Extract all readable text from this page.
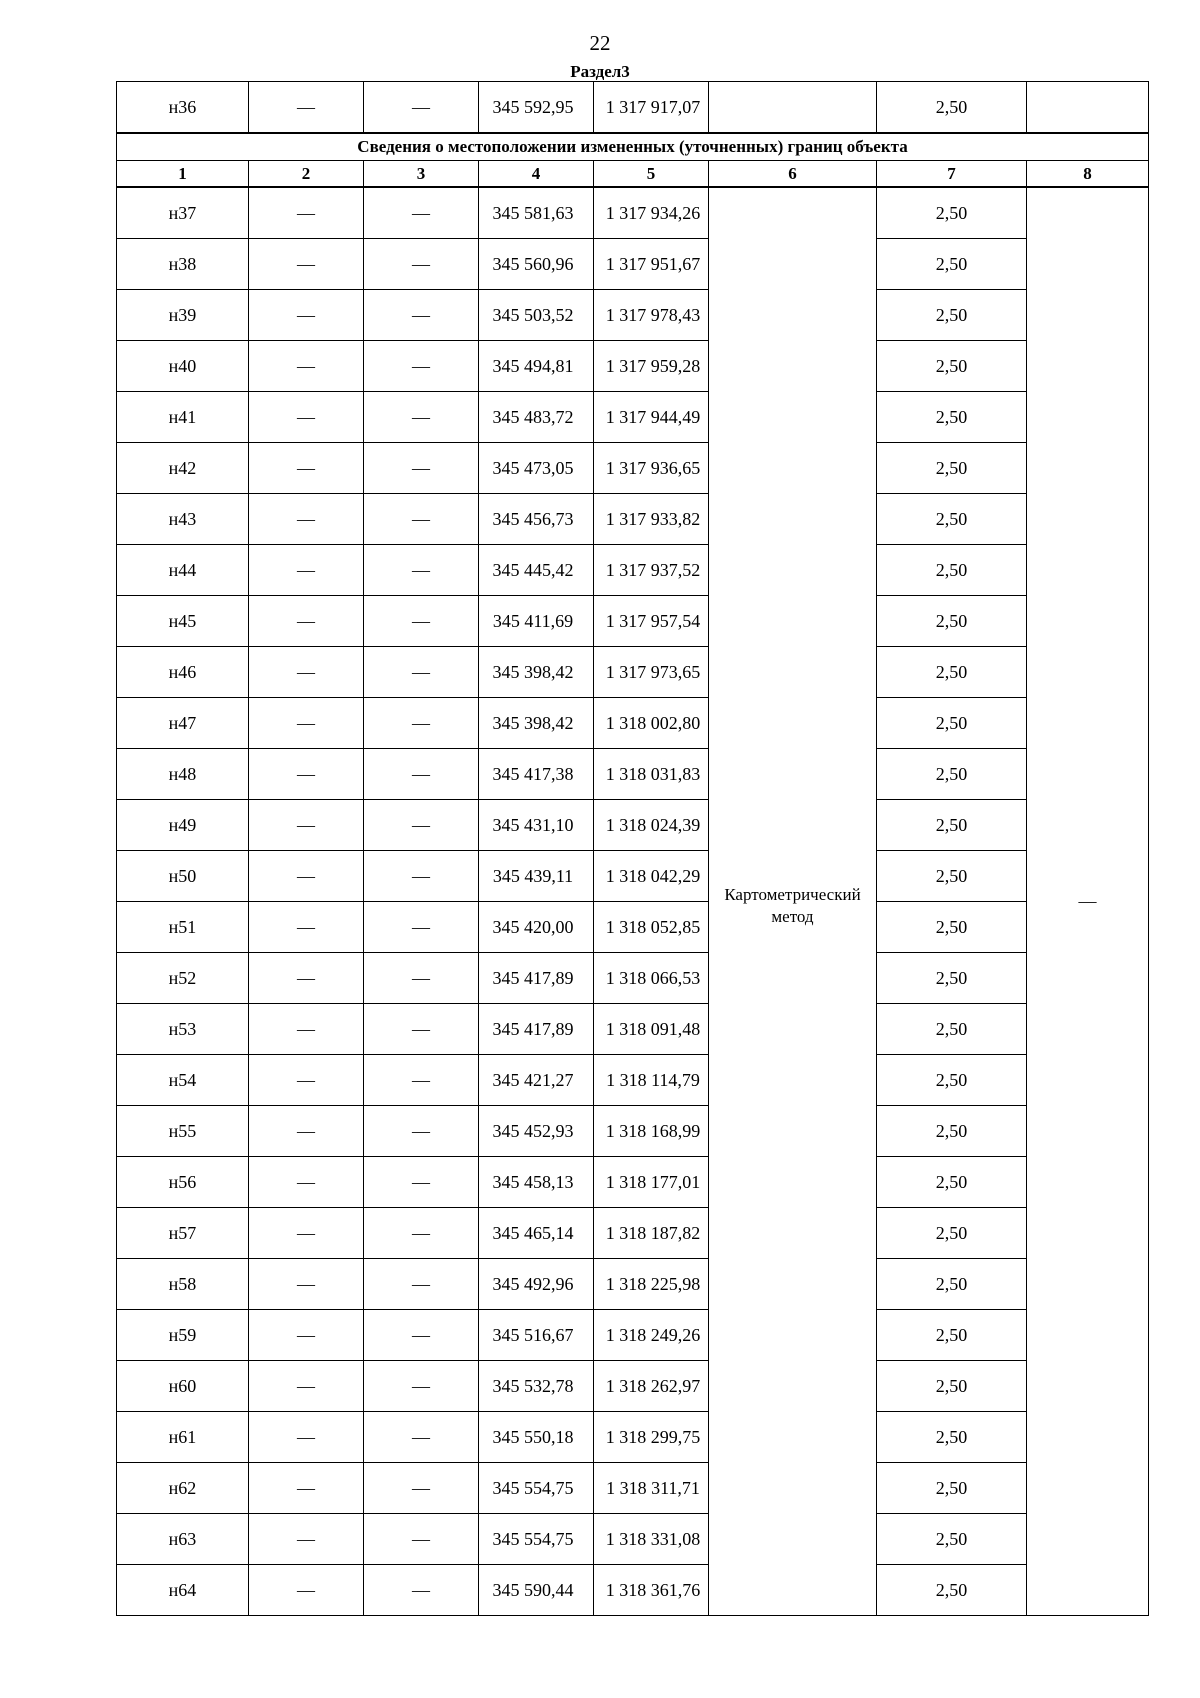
22
Раздел3
н36	—	—	345 592,95	1 317 917,07		2,50	
Сведения о местоположении измененных (уточненных) границ объекта							
1	2	3	4	5	6	7	8
н37	—	—	345 581,63	1 317 934,26	Картометрический метод	2,50	—
н38	—	—	345 560,96	1 317 951,67		2,50	
н39	—	—	345 503,52	1 317 978,43		2,50	
н40	—	—	345 494,81	1 317 959,28		2,50	
н41	—	—	345 483,72	1 317 944,49		2,50	
н42	—	—	345 473,05	1 317 936,65		2,50	
н43	—	—	345 456,73	1 317 933,82		2,50	
н44	—	—	345 445,42	1 317 937,52		2,50	
н45	—	—	345 411,69	1 317 957,54		2,50	
н46	—	—	345 398,42	1 317 973,65		2,50	
н47	—	—	345 398,42	1 318 002,80		2,50	
н48	—	—	345 417,38	1 318 031,83		2,50	
н49	—	—	345 431,10	1 318 024,39		2,50	
н50	—	—	345 439,11	1 318 042,29		2,50	
н51	—	—	345 420,00	1 318 052,85		2,50	
н52	—	—	345 417,89	1 318 066,53		2,50	
н53	—	—	345 417,89	1 318 091,48		2,50	
н54	—	—	345 421,27	1 318 114,79		2,50	
н55	—	—	345 452,93	1 318 168,99		2,50	
н56	—	—	345 458,13	1 318 177,01		2,50	
н57	—	—	345 465,14	1 318 187,82		2,50	
н58	—	—	345 492,96	1 318 225,98		2,50	
н59	—	—	345 516,67	1 318 249,26		2,50	
н60	—	—	345 532,78	1 318 262,97		2,50	
н61	—	—	345 550,18	1 318 299,75		2,50	
н62	—	—	345 554,75	1 318 311,71		2,50	
н63	—	—	345 554,75	1 318 331,08		2,50	
н64	—	—	345 590,44	1 318 361,76		2,50	
